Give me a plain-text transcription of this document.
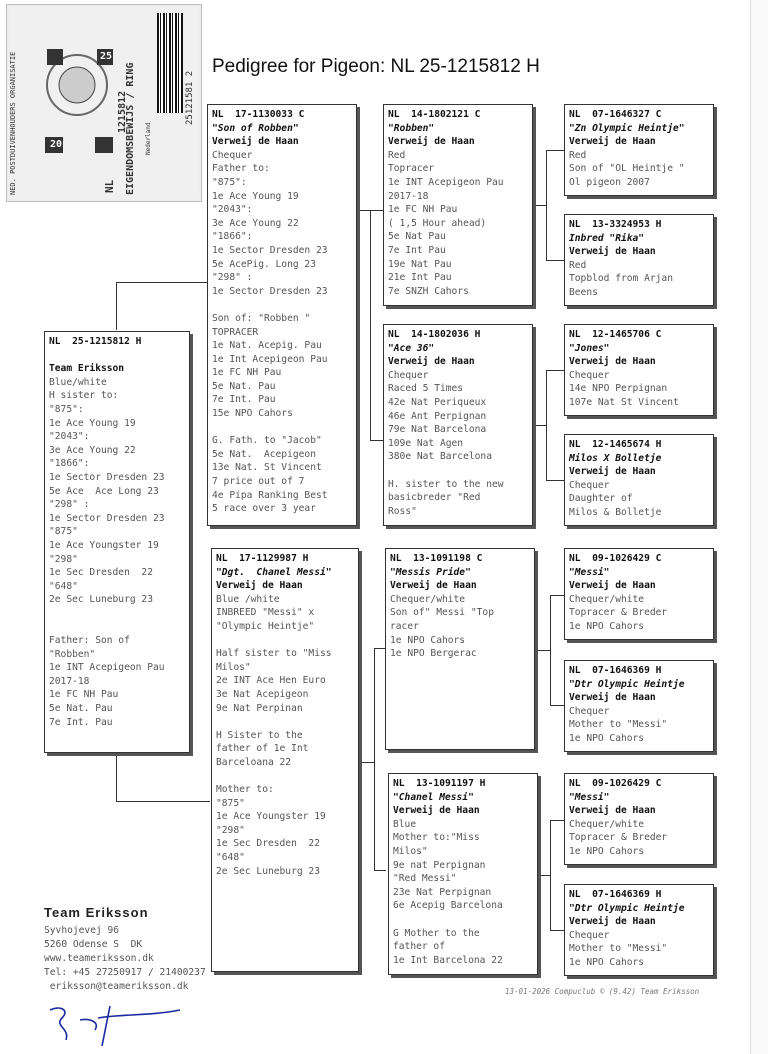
NED. POSTDUIVENHOUDERS ORGANISATIE	20
25
EIGENDOMSBEWIJS / RING
NL
Nederland
1215812	25121581 2
Pedigree for Pigeon: NL 25-1215812 H
NL  25-1215812 H
Team Eriksson
Blue/white
H sister to:
"875":
1e Ace Young 19
"2043":
3e Ace Young 22
"1866":
1e Sector Dresden 23
5e Ace  Ace Long 23
"298" :
1e Sector Dresden 23
"875"
1e Ace Youngster 19
"298"
1e Sec Dresden  22
"648"
2e Sec Luneburg 23
Father: Son of
"Robben"
1e INT Acepigeon Pau
2017-18
1e FC NH Pau
5e Nat. Pau
7e Int. Pau
NL  17-1130033 C
"Son of Robben"
Verweij de Haan
Chequer
Father to:
"875":
1e Ace Young 19
"2043":
3e Ace Young 22
"1866":
1e Sector Dresden 23
5e AcePig. Long 23
"298" :
1e Sector Dresden 23
Son of: "Robben "
TOPRACER
1e Nat. Acepig. Pau
1e Int Acepigeon Pau
1e FC NH Pau
5e Nat. Pau
7e Int. Pau
15e NPO Cahors
G. Fath. to "Jacob"
5e Nat.  Acepigeon
13e Nat. St Vincent
7 price out of 7
4e Pipa Ranking Best
5 race over 3 year
NL  17-1129987 H
"Dgt.  Chanel Messi"
Verweij de Haan
Blue /white
INBREED "Messi" x
"Olympic Heintje"
Half sister to "Miss
Milos"
2e INT Ace Hen Euro
3e Nat Acepigeon
9e Nat Perpinan
H Sister to the
father of 1e Int
Barceloana 22
Mother to:
"875"
1e Ace Youngster 19
"298"
1e Sec Dresden  22
"648"
2e Sec Luneburg 23
NL  14-1802121 C
"Robben"
Verweij de Haan
Red
Topracer
1e INT Acepigeon Pau
2017-18
1e FC NH Pau
( 1,5 Hour ahead)
5e Nat Pau
7e Int Pau
19e Nat Pau
21e Int Pau
7e SNZH Cahors
NL  14-1802036 H
"Ace 36"
Verweij de Haan
Chequer
Raced 5 Times
42e Nat Periqueux
46e Ant Perpignan
79e Nat Barcelona
109e Nat Agen
380e Nat Barcelona
H. sister to the new
basicbreder "Red
Ross"
NL  13-1091198 C
"Messis Pride"
Verweij de Haan
Chequer/white
Son of" Messi "Top
racer
1e NPO Cahors
1e NPO Bergerac
NL  13-1091197 H
"Chanel Messi"
Verweij de Haan
Blue
Mother to:"Miss
Milos"
9e nat Perpignan
"Red Messi"
23e Nat Perpignan
6e Acepig Barcelona
G Mother to the
father of
1e Int Barcelona 22
NL  07-1646327 C
"Zn Olympic Heintje"
Verweij de Haan
Red
Son of "OL Heintje "
Ol pigeon 2007
NL  13-3324953 H
Inbred "Rika"
Verweij de Haan
Red
Topblod from Arjan
Beens
NL  12-1465706 C
"Jones"
Verweij de Haan
Chequer
14e NPO Perpignan
107e Nat St Vincent
NL  12-1465674 H
Milos X Bolletje
Verweij de Haan
Chequer
Daughter of
Milos & Bolletje
NL  09-1026429 C
"Messi"
Verweij de Haan
Chequer/white
Topracer & Breder
1e NPO Cahors
NL  07-1646369 H
"Dtr Olympic Heintje
Verweij de Haan
Chequer
Mother to "Messi"
1e NPO Cahors
NL  09-1026429 C
"Messi"
Verweij de Haan
Chequer/white
Topracer & Breder
1e NPO Cahors
NL  07-1646369 H
"Dtr Olympic Heintje
Verweij de Haan
Chequer
Mother to "Messi"
1e NPO Cahors
Team Eriksson
Syvhojevej 96
5260 Odense S  DK
www.teameriksson.dk
Tel: +45 27250917 / 21400237
eriksson@teameriksson.dk	13-01-2026 Compuclub © (9.42) Team Eriksson
